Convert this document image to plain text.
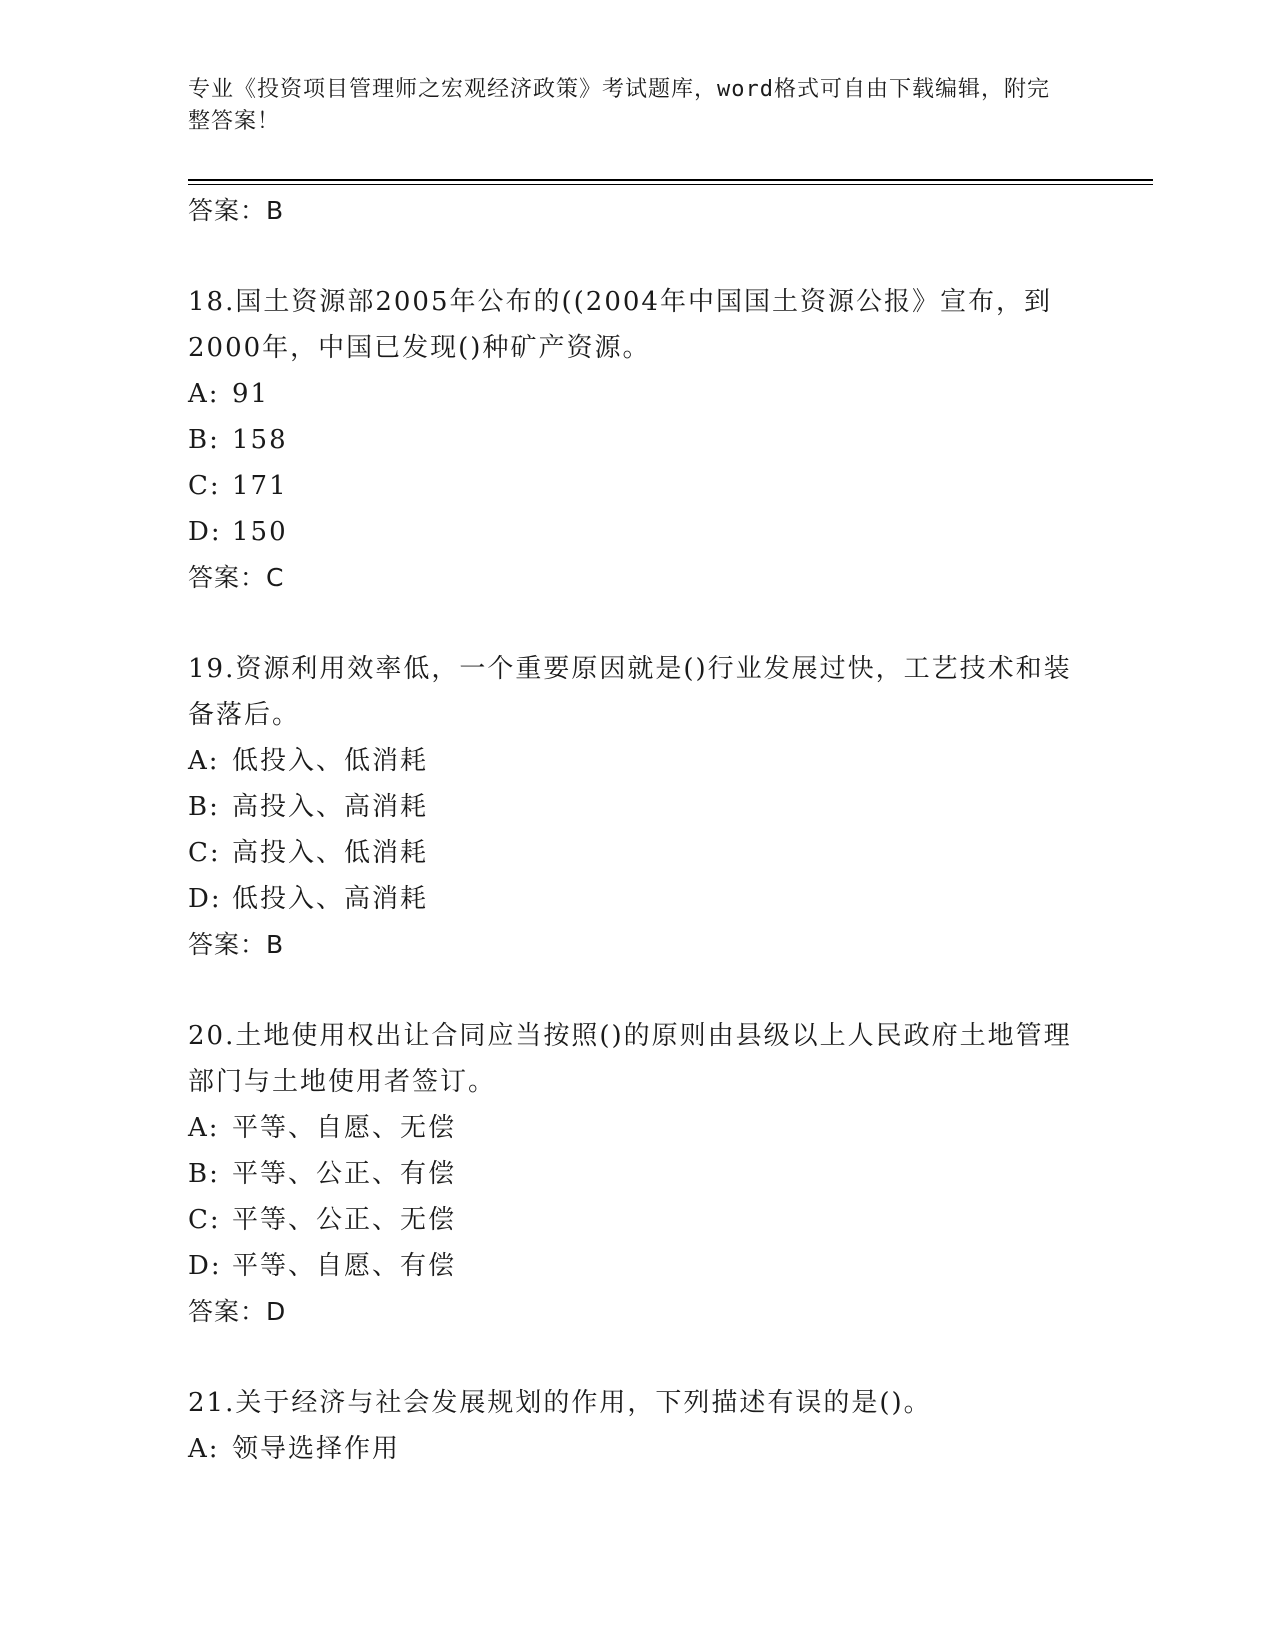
专业《投资项目管理师之宏观经济政策》考试题库，word格式可自由下载编辑，附完整答案！
答案：B
18.国土资源部2005年公布的((2004年中国国土资源公报》宣布，到2000年，中国已发现()种矿产资源。
A: 91
B: 158
C: 171
D: 150
答案：C
19.资源利用效率低，一个重要原因就是()行业发展过快，工艺技术和装备落后。
A: 低投入、低消耗
B: 高投入、高消耗
C: 高投入、低消耗
D: 低投入、高消耗
答案：B
20.土地使用权出让合同应当按照()的原则由县级以上人民政府土地管理部门与土地使用者签订。
A: 平等、自愿、无偿
B: 平等、公正、有偿
C: 平等、公正、无偿
D: 平等、自愿、有偿
答案：D
21.关于经济与社会发展规划的作用，下列描述有误的是()。
A: 领导选择作用
